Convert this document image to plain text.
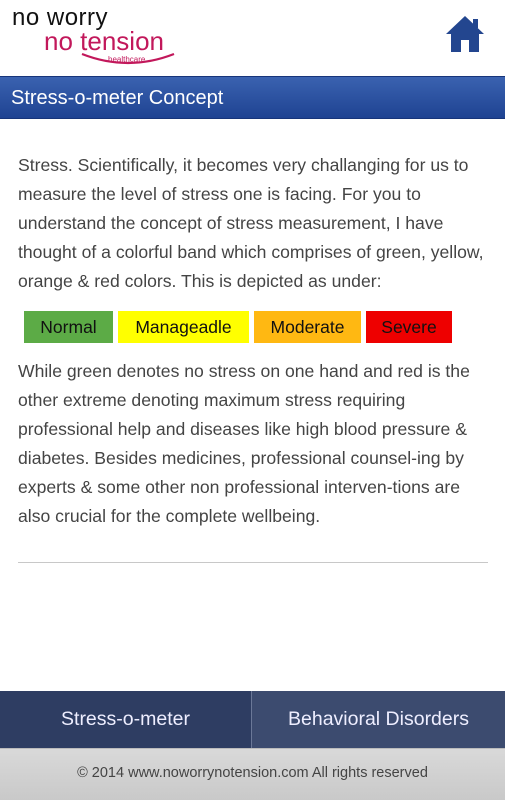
no worry
no tension
healthcare
Stress-o-meter Concept

Stress. Scientifically, it becomes very challanging for us to measure the level of stress one is facing. For you to understand the concept of stress measurement, I have thought of a colorful band which comprises of green, yellow, orange & red colors. This is depicted as under:

Normal	Manageadle	Moderate	Severe

While green denotes no stress on one hand and red is the other extreme denoting maximum stress requiring professional help and diseases like high blood pressure & diabetes. Besides medicines, professional counsel-ing by experts & some other non professional interven-tions are also crucial for the complete wellbeing.

Stress-o-meter	Behavioral Disorders
© 2014 www.noworrynotension.com All rights reserved
